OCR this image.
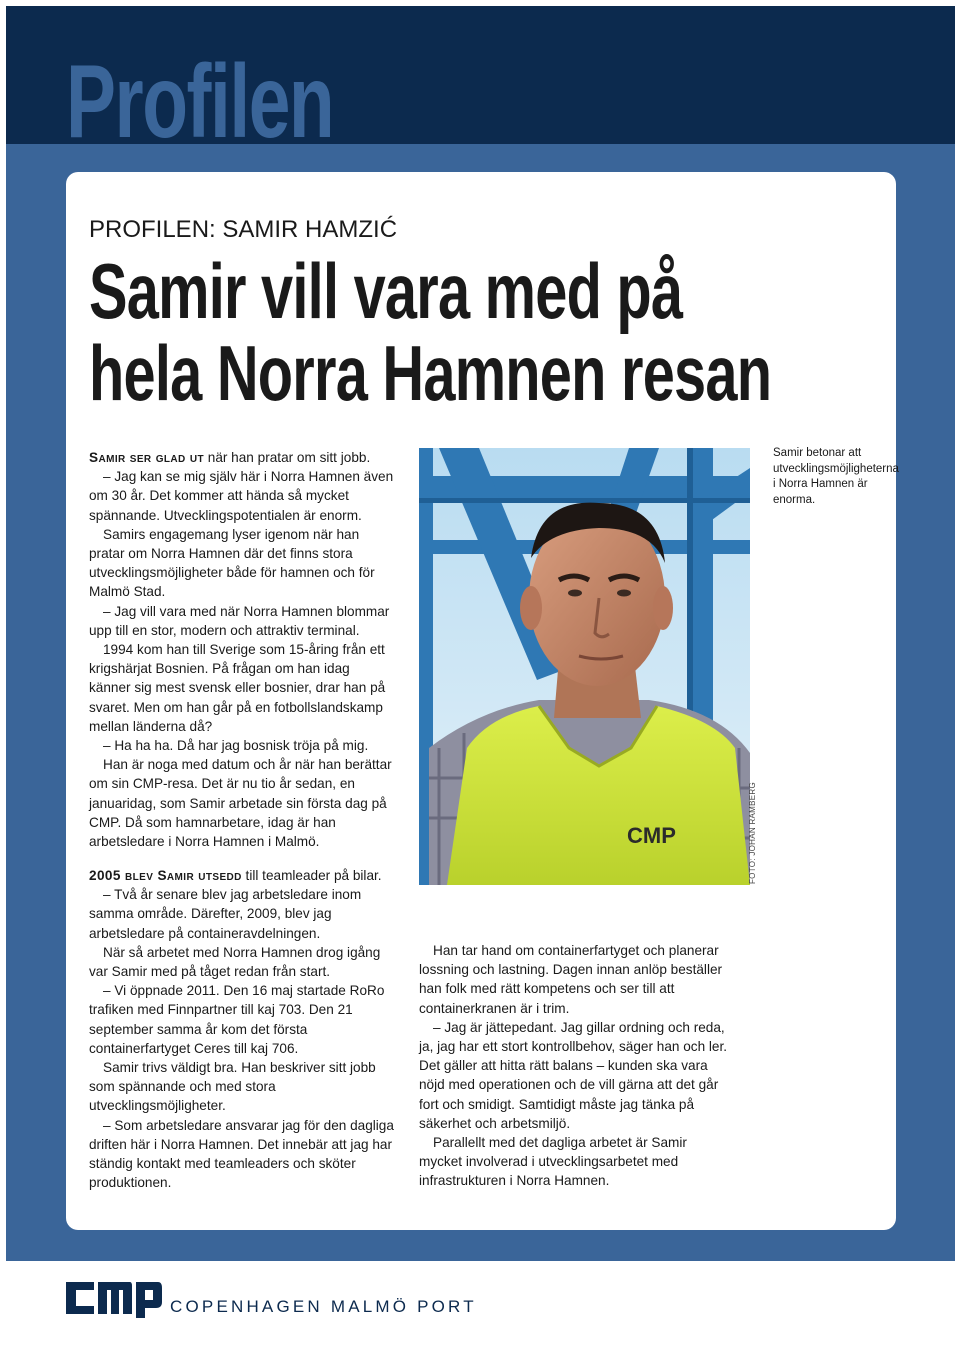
Profilen
PROFILEN: SAMIR HAMZIĆ
Samir vill vara med på
hela Norra Hamnen resan

Samir ser glad ut när han pratar om sitt jobb.

– Jag kan se mig själv här i Norra Hamnen även om 30 år. Det kommer att hända så mycket spännande. Utvecklingspotentialen är enorm.

Samirs engagemang lyser igenom när han pratar om Norra Hamnen där det finns stora utvecklingsmöjligheter både för hamnen och för Malmö Stad.

– Jag vill vara med när Norra Hamnen blommar upp till en stor, modern och attraktiv terminal.

1994 kom han till Sverige som 15-åring från ett krigshärjat Bosnien. På frågan om han idag känner sig mest svensk eller bosnier, drar han på svaret. Men om han går på en fotbollslandskamp mellan länderna då?

– Ha ha ha. Då har jag bosnisk tröja på mig.

Han är noga med datum och år när han berättar om sin CMP-resa. Det är nu tio år sedan, en januaridag, som Samir arbetade sin första dag på CMP. Då som hamnarbetare, idag är han arbetsledare i Norra Hamnen i Malmö.

2005 blev Samir utsedd till teamleader på bilar.

– Två år senare blev jag arbetsledare inom samma område. Därefter, 2009, blev jag arbetsledare på containeravdelningen.

När så arbetet med Norra Hamnen drog igång var Samir med på tåget redan från start.

– Vi öppnade 2011. Den 16 maj startade RoRo trafiken med Finnpartner till kaj 703. Den 21 september samma år kom det första containerfartyget Ceres till kaj 706.

Samir trivs väldigt bra. Han beskriver sitt jobb som spännande och med stora utvecklingsmöjligheter.

– Som arbetsledare ansvarar jag för den dagliga driften här i Norra Hamnen. Det innebär att jag har ständig kontakt med teamleaders och sköter produktionen.

CMP	FOTO: JOHAN RAMBERG
Samir betonar att utvecklingsmöjligheterna i Norra Hamnen är enorma.

Han tar hand om containerfartyget och planerar lossning och lastning. Dagen innan anlöp beställer han folk med rätt kompetens och ser till att containerkranen är i trim.

– Jag är jättepedant. Jag gillar ordning och reda, ja, jag har ett stort kontrollbehov, säger han och ler. Det gäller att hitta rätt balans – kunden ska vara nöjd med operationen och de vill gärna att det går fort och smidigt. Samtidigt måste jag tänka på säkerhet och arbetsmiljö.

Parallellt med det dagliga arbetet är Samir mycket involverad i utvecklingsarbetet med infrastrukturen i Norra Hamnen.

CMP
COPENHAGEN MALMÖ PORT
